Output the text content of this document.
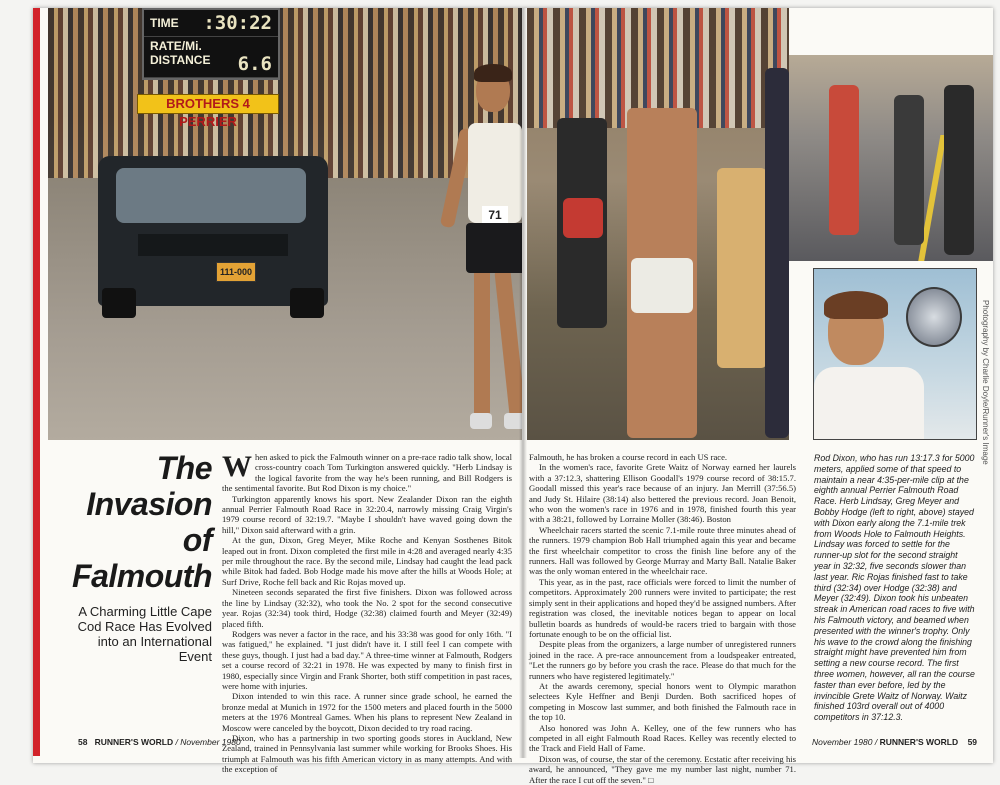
111-000
71
TIME :30:22
RATE/Mi.
DISTANCE 6.6
BROTHERS 4 PERRIER
Photography by Charlie Doyle/Runner's Image
The
Invasion
of
Falmouth
A Charming Little Cape Cod Race Has Evolved into an International Event

When asked to pick the Falmouth winner on a pre-race radio talk show, local cross-country coach Tom Turkington answered quickly. "Herb Lindsay is the logical favorite from the way he's been running, and Bill Rodgers is the sentimental favorite. But Rod Dixon is my choice."

Turkington apparently knows his sport. New Zealander Dixon ran the eighth annual Perrier Falmouth Road Race in 32:20.4, narrowly missing Craig Virgin's 1979 course record of 32:19.7. "Maybe I shouldn't have waved going down the hill," Dixon said afterward with a grin.

At the gun, Dixon, Greg Meyer, Mike Roche and Kenyan Sosthenes Bitok leaped out in front. Dixon completed the first mile in 4:28 and averaged nearly 4:35 per mile throughout the race. By the second mile, Lindsay had caught the lead pack while Bitok had faded. Bob Hodge made his move after the hills at Woods Hole; at Surf Drive, Roche fell back and Ric Rojas moved up.

Nineteen seconds separated the first five finishers. Dixon was followed across the line by Lindsay (32:32), who took the No. 2 spot for the second consecutive year. Rojas (32:34) took third, Hodge (32:38) claimed fourth and Meyer (32:49) placed fifth.

Rodgers was never a factor in the race, and his 33:38 was good for only 16th. "I was fatigued," he explained. "I just didn't have it. I still feel I can compete with these guys, though. I just had a bad day." A three-time winner at Falmouth, Rodgers set a course record of 32:21 in 1978. He was expected by many to finish first in 1980, especially since Virgin and Frank Shorter, both stiff competition in past races, were home with injuries.

Dixon intended to win this race. A runner since grade school, he earned the bronze medal at Munich in 1972 for the 1500 meters and placed fourth in the 5000 meters at the 1976 Montreal Games. When his plans to represent New Zealand in Moscow were canceled by the boycott, Dixon decided to try road racing.

Dixon, who has a partnership in two sporting goods stores in Auckland, New Zealand, trained in Pennsylvania last summer while working for Brooks Shoes. His triumph at Falmouth was his fifth American victory in as many attempts. And with the exception of

Falmouth, he has broken a course record in each US race.

In the women's race, favorite Grete Waitz of Norway earned her laurels with a 37:12.3, shattering Ellison Goodall's 1979 course record of 38:15.7. Goodall missed this year's race because of an injury. Jan Merrill (37:56.5) and Judy St. Hilaire (38:14) also bettered the previous record. Joan Benoit, who won the women's race in 1976 and in 1978, finished fourth this year with a 38:21, followed by Lorraine Moller (38:46). Boston

Wheelchair racers started the scenic 7.1-mile route three minutes ahead of the runners. 1979 champion Bob Hall triumphed again this year and became the first wheelchair competitor to cross the finish line before any of the runners. Hall was followed by George Murray and Marty Ball. Natalie Baker was the only woman entered in the wheelchair race.

This year, as in the past, race officials were forced to limit the number of competitors. Approximately 200 runners were invited to participate; the rest simply sent in their applications and hoped they'd be assigned numbers. After registration was closed, the inevitable notices began to appear on local bulletin boards as hundreds of would-be racers tried to bargain with those fortunate enough to be on the official list.

Despite pleas from the organizers, a large number of unregistered runners joined in the race. A pre-race announcement from a loudspeaker entreated, "Let the runners go by before you crash the race. Please do that much for the runners who have registered legitimately."

At the awards ceremony, special honors went to Olympic marathon selectees Kyle Heffner and Benji Durden. Both sacrificed hopes of competing in Moscow last summer, and both finished the Falmouth race in the top 10.

Also honored was John A. Kelley, one of the few runners who has competed in all eight Falmouth Road Races. Kelley was recently elected to the Track and Field Hall of Fame.

Dixon was, of course, the star of the ceremony. Ecstatic after receiving his award, he announced, "They gave me my number last night, number 71. After the race I cut off the seven." □

Rod Dixon, who has run 13:17.3 for 5000 meters, applied some of that speed to maintain a near 4:35-per-mile clip at the eighth annual Perrier Falmouth Road Race. Herb Lindsay, Greg Meyer and Bobby Hodge (left to right, above) stayed with Dixon early along the 7.1-mile trek from Woods Hole to Falmouth Heights. Lindsay was forced to settle for the runner-up slot for the second straight year in 32:32, five seconds slower than last year. Ric Rojas finished fast to take third (32:34) over Hodge (32:38) and Meyer (32:49). Dixon took his unbeaten streak in American road races to five with his Falmouth victory, and beamed when presented with the winner's trophy. Only his wave to the crowd along the finishing straight might have prevented him from setting a new course record. The first three women, however, all ran the course faster than ever before, led by the invincible Grete Waitz of Norway. Waitz finished 103rd overall out of 4000 competitors in 37:12.3.
58 RUNNER'S WORLD / November 1980	November 1980 / RUNNER'S WORLD 59
